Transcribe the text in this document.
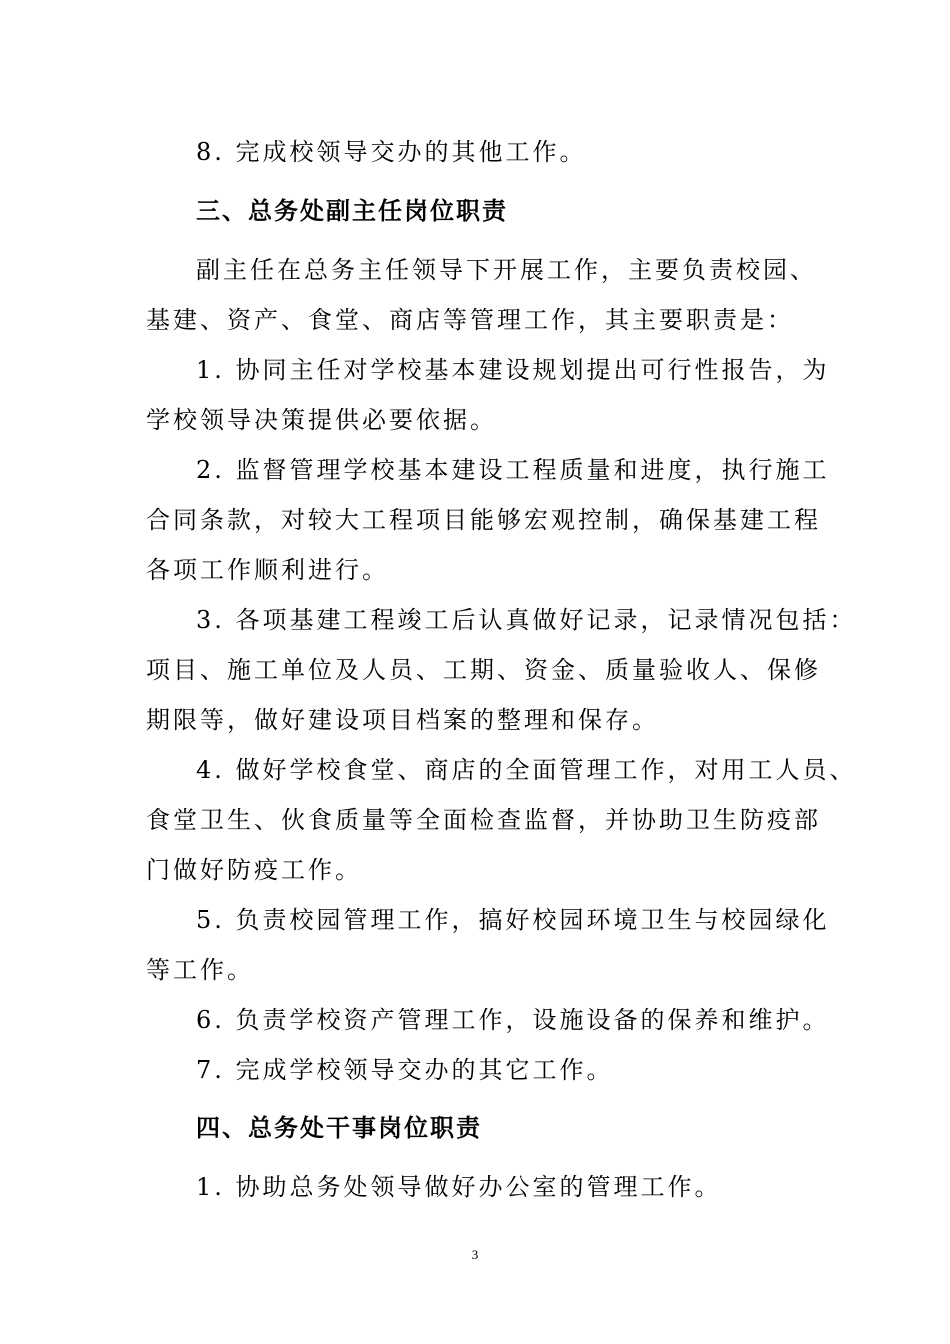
8. 完成校领导交办的其他工作。
三、总务处副主任岗位职责
副主任在总务主任领导下开展工作，主要负责校园、
基建、资产、食堂、商店等管理工作，其主要职责是：
1. 协同主任对学校基本建设规划提出可行性报告，为
学校领导决策提供必要依据。
2. 监督管理学校基本建设工程质量和进度，执行施工
合同条款，对较大工程项目能够宏观控制，确保基建工程
各项工作顺利进行。
3. 各项基建工程竣工后认真做好记录，记录情况包括：
项目、施工单位及人员、工期、资金、质量验收人、保修
期限等，做好建设项目档案的整理和保存。
4. 做好学校食堂、商店的全面管理工作，对用工人员、
食堂卫生、伙食质量等全面检查监督，并协助卫生防疫部
门做好防疫工作。
5. 负责校园管理工作，搞好校园环境卫生与校园绿化
等工作。
6. 负责学校资产管理工作，设施设备的保养和维护。
7. 完成学校领导交办的其它工作。
四、总务处干事岗位职责
1. 协助总务处领导做好办公室的管理工作。
3
